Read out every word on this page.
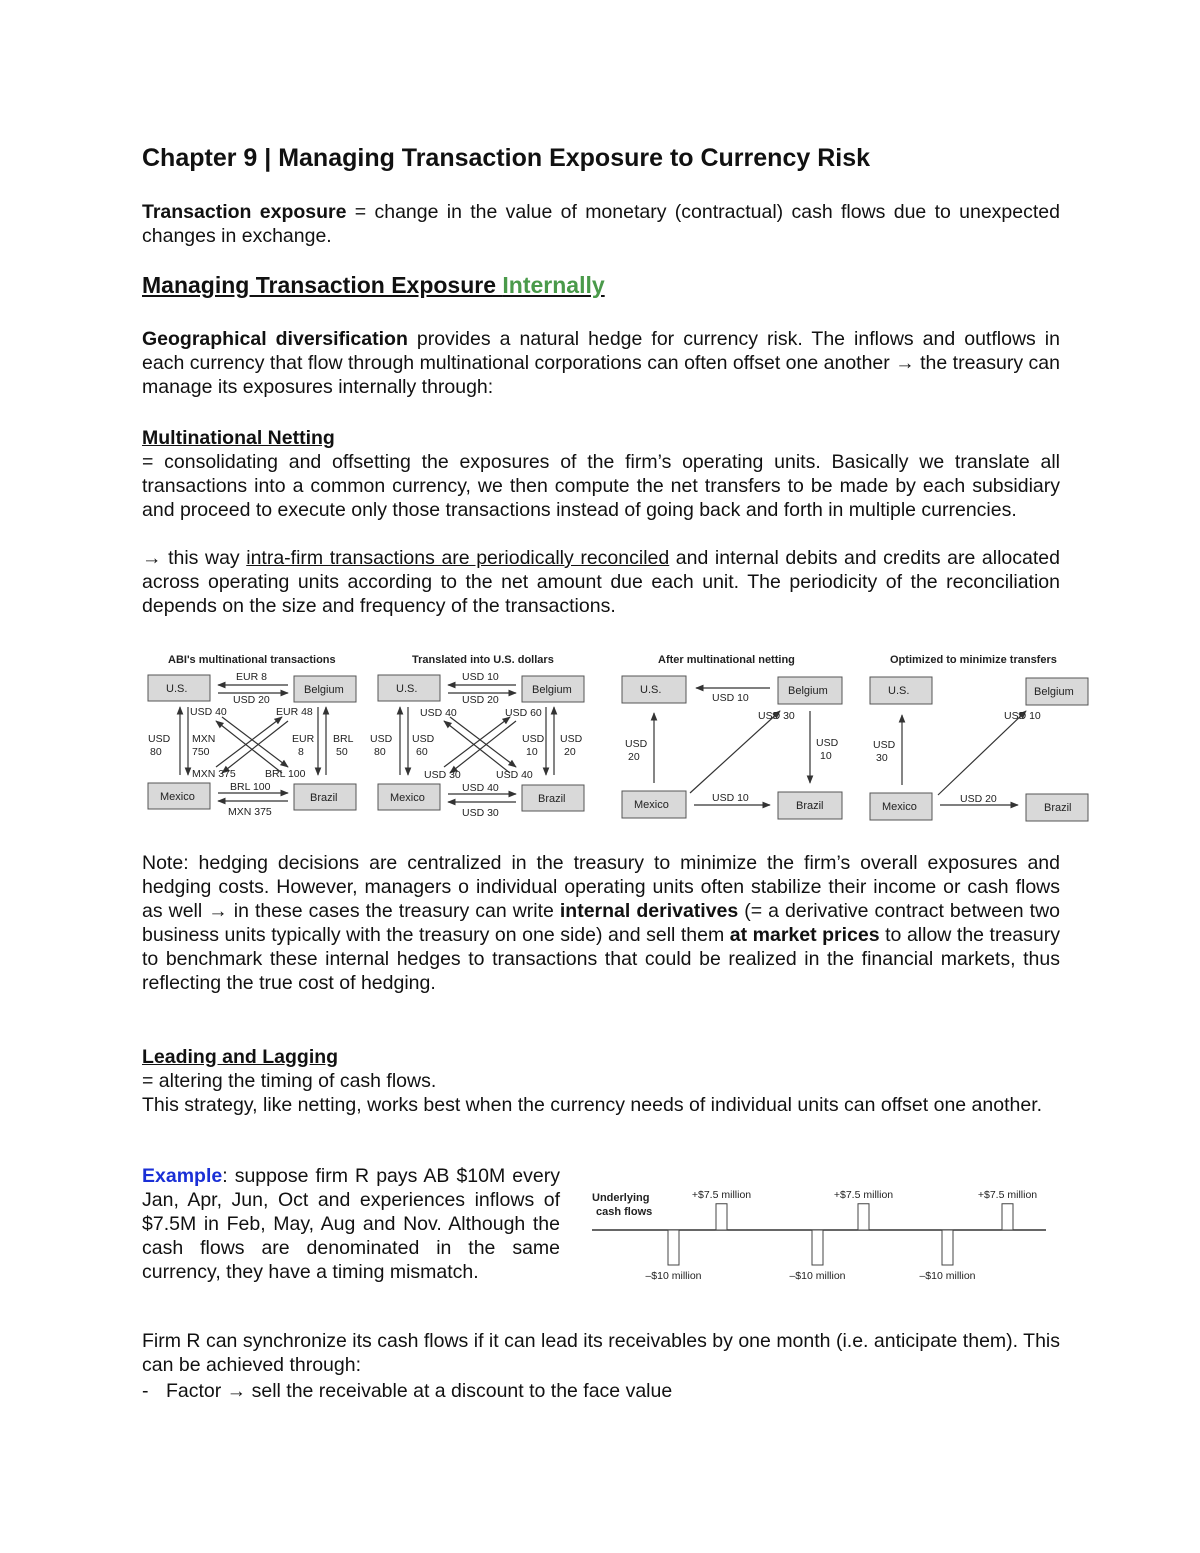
Chapter 9 | Managing Transaction Exposure to Currency Risk

Transaction exposure = change in the value of monetary (contractual) cash flows due to unexpected changes in exchange.

Managing Transaction Exposure Internally

Geographical diversification provides a natural hedge for currency risk. The inflows and outflows in each currency that flow through multinational corporations can often offset one another → the treasury can manage its exposures internally through:

Multinational Netting

= consolidating and offsetting the exposures of the firm’s operating units. Basically we translate all transactions into a common currency, we then compute the net transfers to be made by each subsidiary and proceed to execute only those transactions instead of going back and forth in multiple currencies.

→ this way intra-firm transactions are periodically reconciled and internal debits and credits are allocated across operating units according to the net amount due each unit. The periodicity of the reconciliation depends on the size and frequency of the transactions.

ABI's multinational transactions
U.S.	Belgium
Mexico	Brazil
EUR 8
USD 20
USD 40	EUR 48
USD
80
MXN
750
EUR
8
BRL
50
MXN 375	BRL 100
BRL 100
MXN 375
Translated into U.S. dollars
U.S.	Belgium
Mexico	Brazil
USD 10
USD 20
USD 40	USD 60
USD
80
USD
60
USD
10
USD
20
USD 30	USD 40
USD 40
USD 30
After multinational netting
U.S.	Belgium
Mexico	Brazil
USD 10
USD
20
USD 30
USD
10
USD 10
Optimized to minimize transfers
U.S.	Belgium
Mexico	Brazil
USD
30
USD 10
USD 20

Note: hedging decisions are centralized in the treasury to minimize the firm’s overall exposures and hedging costs. However, managers o individual operating units often stabilize their income or cash flows as well → in these cases the treasury can write internal derivatives (= a derivative contract between two business units typically with the treasury on one side) and sell them at market prices to allow the treasury to benchmark these internal hedges to transactions that could be realized in the financial markets, thus reflecting the true cost of hedging.

Leading and Lagging

= altering the timing of cash flows.

This strategy, like netting, works best when the currency needs of individual units can offset one another.

Example: suppose firm R pays AB $10M every Jan, Apr, Jun, Oct and experiences inflows of $7.5M in Feb, May, Aug and Nov. Although the cash flows are denominated in the same currency, they have a timing mismatch.

Underlying
cash flows
+$7.5 million	+$7.5 million	+$7.5 million
–$10 million	–$10 million	–$10 million

Firm R can synchronize its cash flows if it can lead its receivables by one month (i.e. anticipate them). This can be achieved through:

- Factor → sell the receivable at a discount to the face value
